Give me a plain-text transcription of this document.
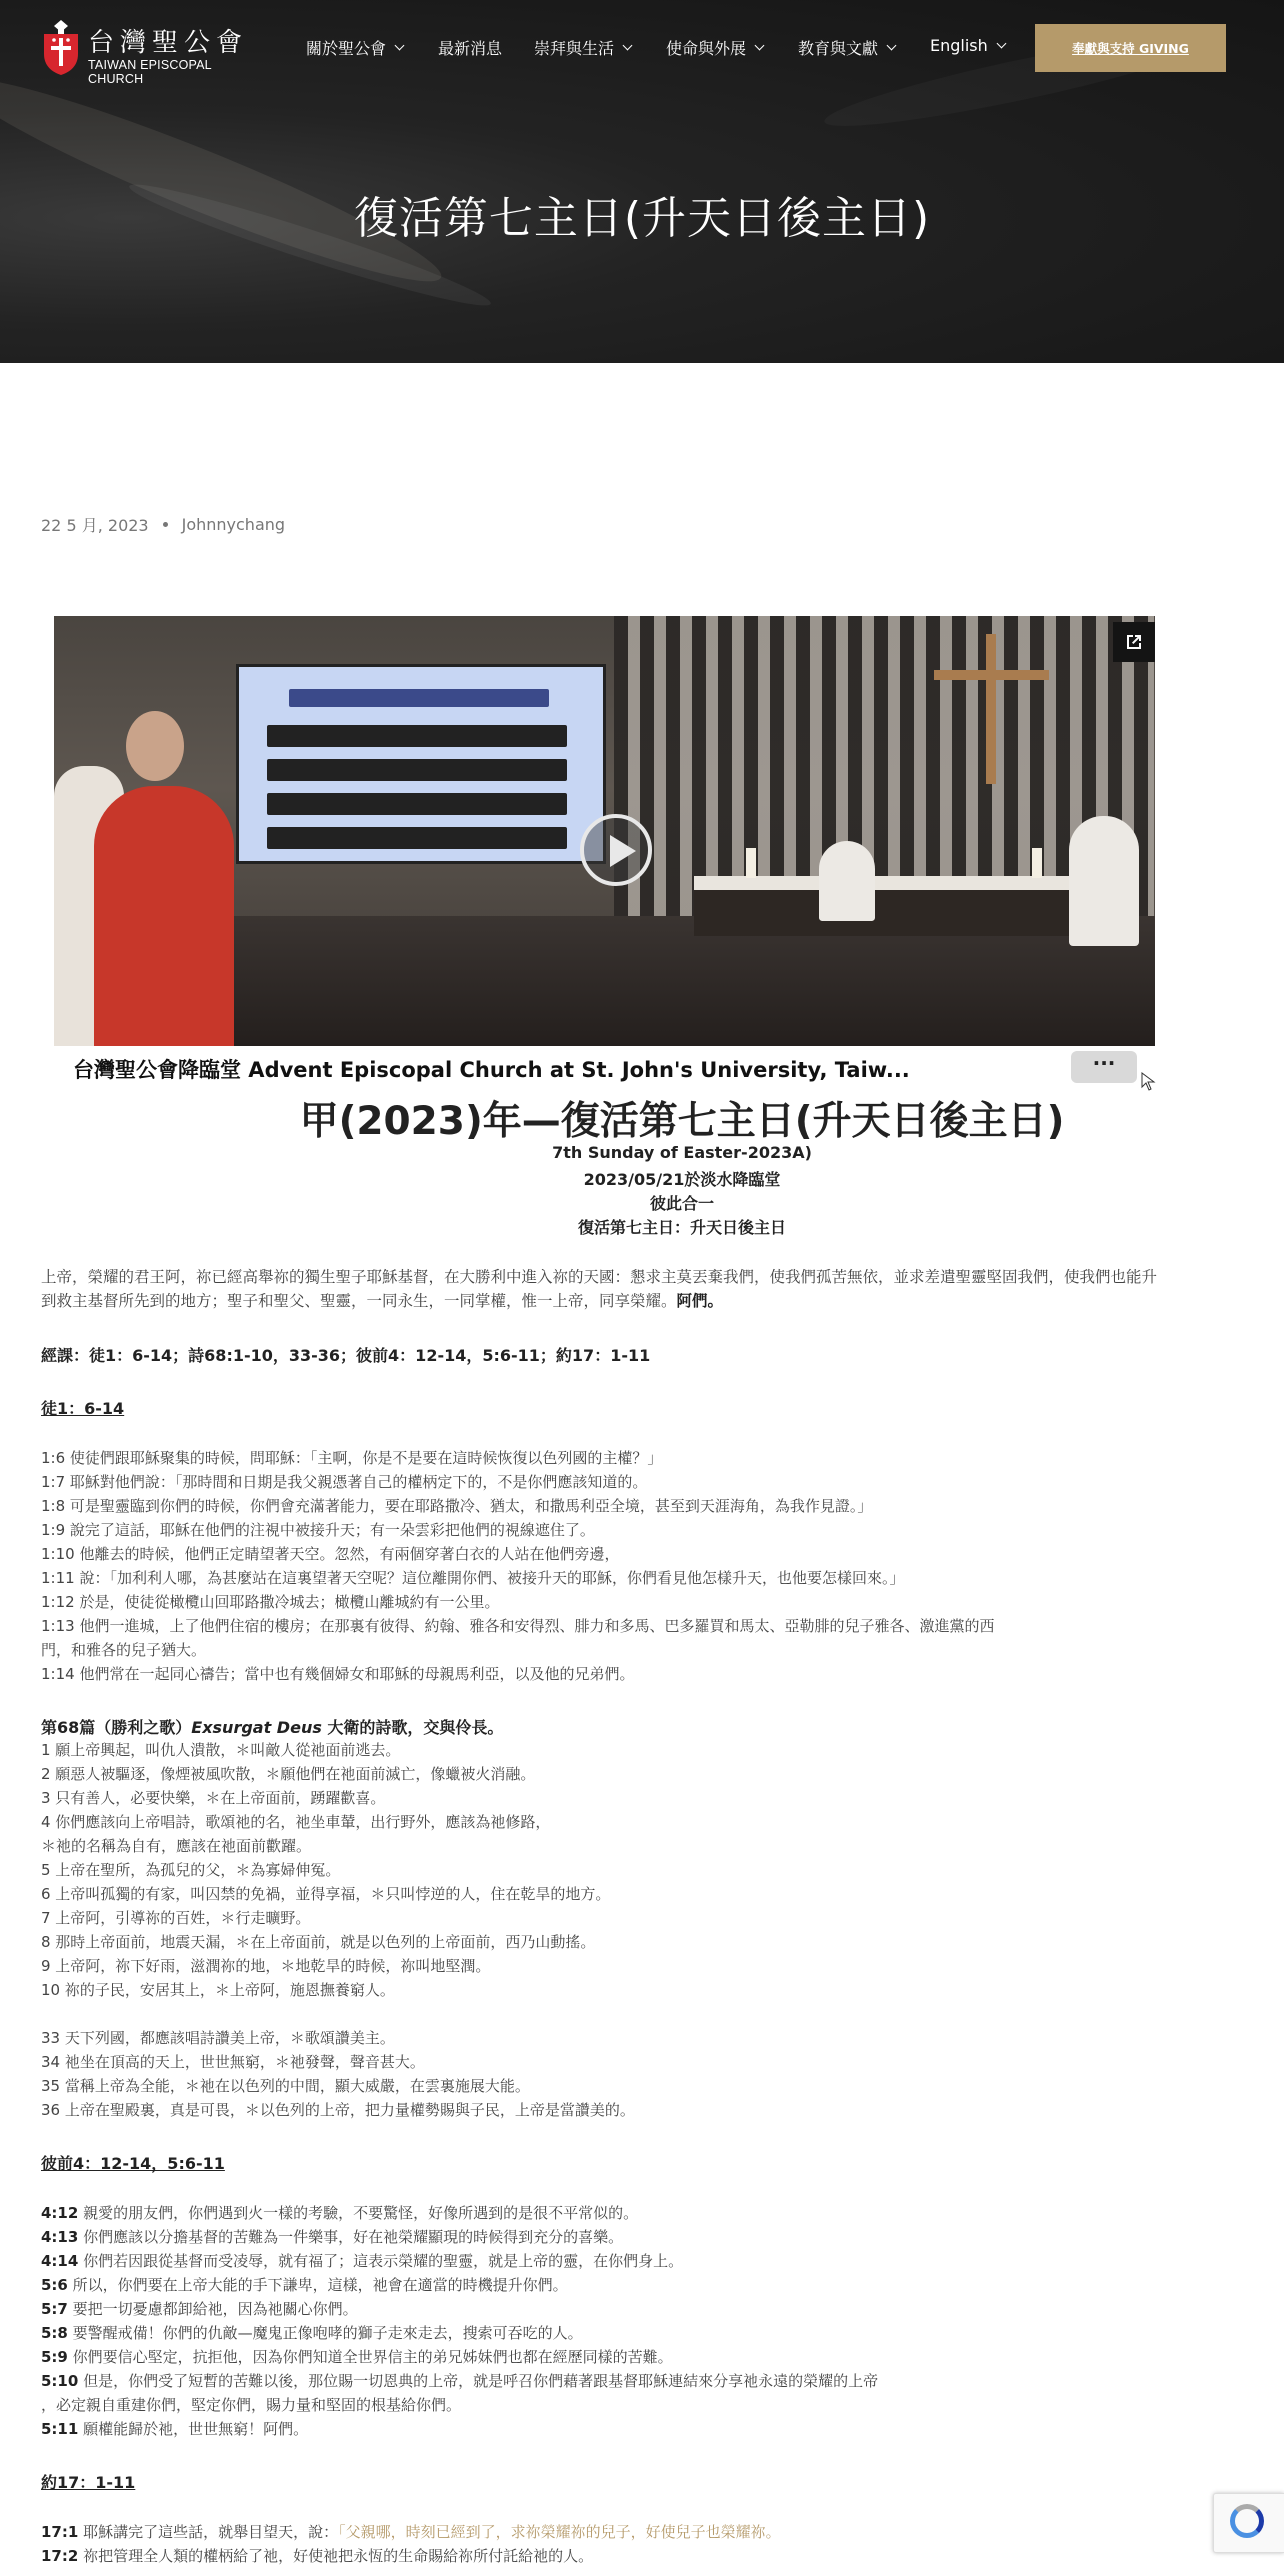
台灣聖公會
TAIWAN EPISCOPAL CHURCH
關於聖公會	最新消息 崇拜與生活	使命與外展	教育與文獻	English	奉獻與支持 GIVING
復活第七主日(升天日後主日)
22 5 月, 2023 Johnnychang
台灣聖公會降臨堂 Advent Episcopal Church at St. John's University, Taiw...	···
甲(2023)年—復活第七主日(升天日後主日)
7th Sunday of Easter-2023A)
2023/05/21於淡水降臨堂
彼此合一
復活第七主日：升天日後主日

上帝，榮耀的君王阿，祢已經高舉祢的獨生聖子耶穌基督，在大勝利中進入祢的天國：懇求主莫丟棄我們，使我們孤苦無依，並求差遣聖靈堅固我們，使我們也能升到救主基督所先到的地方；聖子和聖父、聖靈，一同永生，一同掌權，惟一上帝，同享榮耀。阿們。

經課：徒1：6-14；詩68:1-10，33-36；彼前4：12-14，5:6-11；約17：1-11
徒1：6-14
1:6 使徒們跟耶穌聚集的時候，問耶穌：「主啊，你是不是要在這時候恢復以色列國的主權？」
1:7 耶穌對他們說：「那時間和日期是我父親憑著自己的權柄定下的，不是你們應該知道的。
1:8 可是聖靈臨到你們的時候，你們會充滿著能力，要在耶路撒冷、猶太，和撒馬利亞全境，甚至到天涯海角，為我作見證。」
1:9 說完了這話，耶穌在他們的注視中被接升天；有一朵雲彩把他們的視線遮住了。
1:10 他離去的時候，他們正定睛望著天空。忽然，有兩個穿著白衣的人站在他們旁邊，
1:11 說：「加利利人哪，為甚麼站在這裏望著天空呢？這位離開你們、被接升天的耶穌，你們看見他怎樣升天，也他要怎樣回來。」
1:12 於是，使徒從橄欖山回耶路撒冷城去；橄欖山離城約有一公里。
1:13 他們一進城，上了他們住宿的樓房；在那裏有彼得、約翰、雅各和安得烈、腓力和多馬、巴多羅買和馬太、亞勒腓的兒子雅各、激進黨的西
門，和雅各的兒子猶大。
1:14 他們常在一起同心禱告；當中也有幾個婦女和耶穌的母親馬利亞，以及他的兄弟們。
第68篇（勝利之歌）Exsurgat Deus 大衛的詩歌，交與伶長。
1 願上帝興起，叫仇人潰散，＊叫敵人從祂面前逃去。
2 願惡人被驅逐，像煙被風吹散，＊願他們在祂面前滅亡，像蠟被火消融。
3 只有善人，必要快樂，＊在上帝面前，踴躍歡喜。
4 你們應該向上帝唱詩，歌頌祂的名，祂坐車輦，出行野外，應該為祂修路，
＊祂的名稱為自有，應該在祂面前歡躍。
5 上帝在聖所，為孤兒的父，＊為寡婦伸冤。
6 上帝叫孤獨的有家，叫囚禁的免禍，並得享福，＊只叫悖逆的人，住在乾旱的地方。
7 上帝阿，引導祢的百姓，＊行走曠野。
8 那時上帝面前，地震天漏，＊在上帝面前，就是以色列的上帝面前，西乃山動搖。
9 上帝阿，祢下好雨，滋潤祢的地，＊地乾旱的時候，祢叫地堅潤。
10 祢的子民，安居其上，＊上帝阿，施恩撫養窮人。
33 天下列國，都應該唱詩讚美上帝，＊歌頌讚美主。
34 祂坐在頂高的天上，世世無窮，＊祂發聲，聲音甚大。
35 當稱上帝為全能，＊祂在以色列的中間，顯大威嚴，在雲裏施展大能。
36 上帝在聖殿裏，真是可畏，＊以色列的上帝，把力量權勢賜與子民，上帝是當讚美的。
彼前4：12-14，5:6-11
4:12 親愛的朋友們，你們遇到火一樣的考驗，不要驚怪，好像所遇到的是很不平常似的。
4:13 你們應該以分擔基督的苦難為一件樂事，好在祂榮耀顯現的時候得到充分的喜樂。
4:14 你們若因跟從基督而受凌辱，就有福了；這表示榮耀的聖靈，就是上帝的靈，在你們身上。
5:6 所以，你們要在上帝大能的手下謙卑，這樣，祂會在適當的時機提升你們。
5:7 要把一切憂慮都卸給祂，因為祂關心你們。
5:8 要警醒戒備！你們的仇敵—魔鬼正像咆哮的獅子走來走去，搜索可吞吃的人。
5:9 你們要信心堅定，抗拒他，因為你們知道全世界信主的弟兄姊妹們也都在經歷同樣的苦難。
5:10 但是，你們受了短暫的苦難以後，那位賜一切恩典的上帝，就是呼召你們藉著跟基督耶穌連結來分享祂永遠的榮耀的上帝
，必定親自重建你們，堅定你們，賜力量和堅固的根基給你們。
5:11 願權能歸於祂，世世無窮！阿們。
約17：1-11
17:1 耶穌講完了這些話，就舉目望天，說：「父親哪，時刻已經到了，求祢榮耀祢的兒子，好使兒子也榮耀祢。
17:2 祢把管理全人類的權柄給了祂，好使祂把永恆的生命賜給祢所付託給祂的人。
